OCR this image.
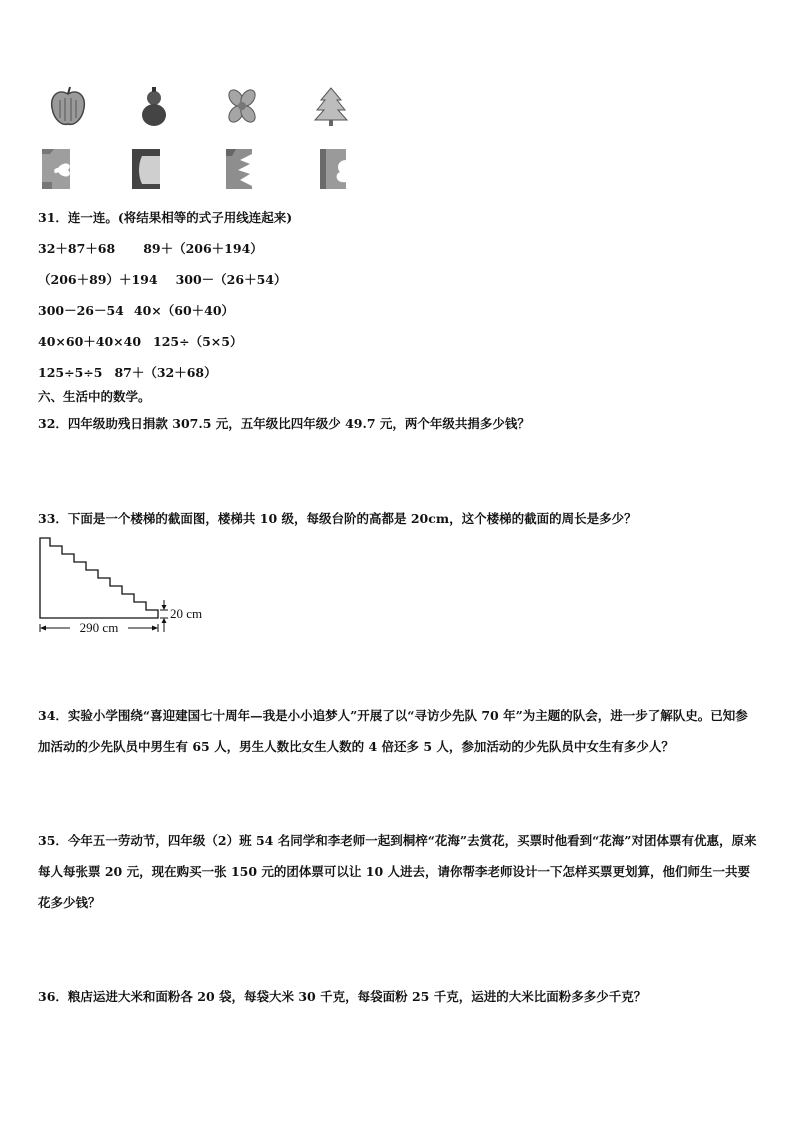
31．连一连。(将结果相等的式子用线连起来)
32＋87＋68 89＋（206＋194）
（206＋89）＋194 300－（26＋54）
300－26－54 40×（60＋40）
40×60＋40×40 125÷（5×5）
125÷5÷5 87＋（32＋68）
六、生活中的数学。
32．四年级助残日捐款 307.5 元，五年级比四年级少 49.7 元，两个年级共捐多少钱？
33．下面是一个楼梯的截面图，楼梯共 10 级，每级台阶的高都是 20cm，这个楼梯的截面的周长是多少？
290 cm
20 cm
34．实验小学围绕“喜迎建国七十周年—我是小小追梦人”开展了以“寻访少先队 70 年”为主题的队会，进一步了解队史。已知参加活动的少先队员中男生有 65 人，男生人数比女生人数的 4 倍还多 5 人，参加活动的少先队员中女生有多少人？
35．今年五一劳动节，四年级（2）班 54 名同学和李老师一起到桐梓“花海”去赏花，买票时他看到“花海”对团体票有优惠，原来每人每张票 20 元，现在购买一张 150 元的团体票可以让 10 人进去，请你帮李老师设计一下怎样买票更划算，他们师生一共要花多少钱？
36．粮店运进大米和面粉各 20 袋，每袋大米 30 千克，每袋面粉 25 千克，运进的大米比面粉多多少千克？
